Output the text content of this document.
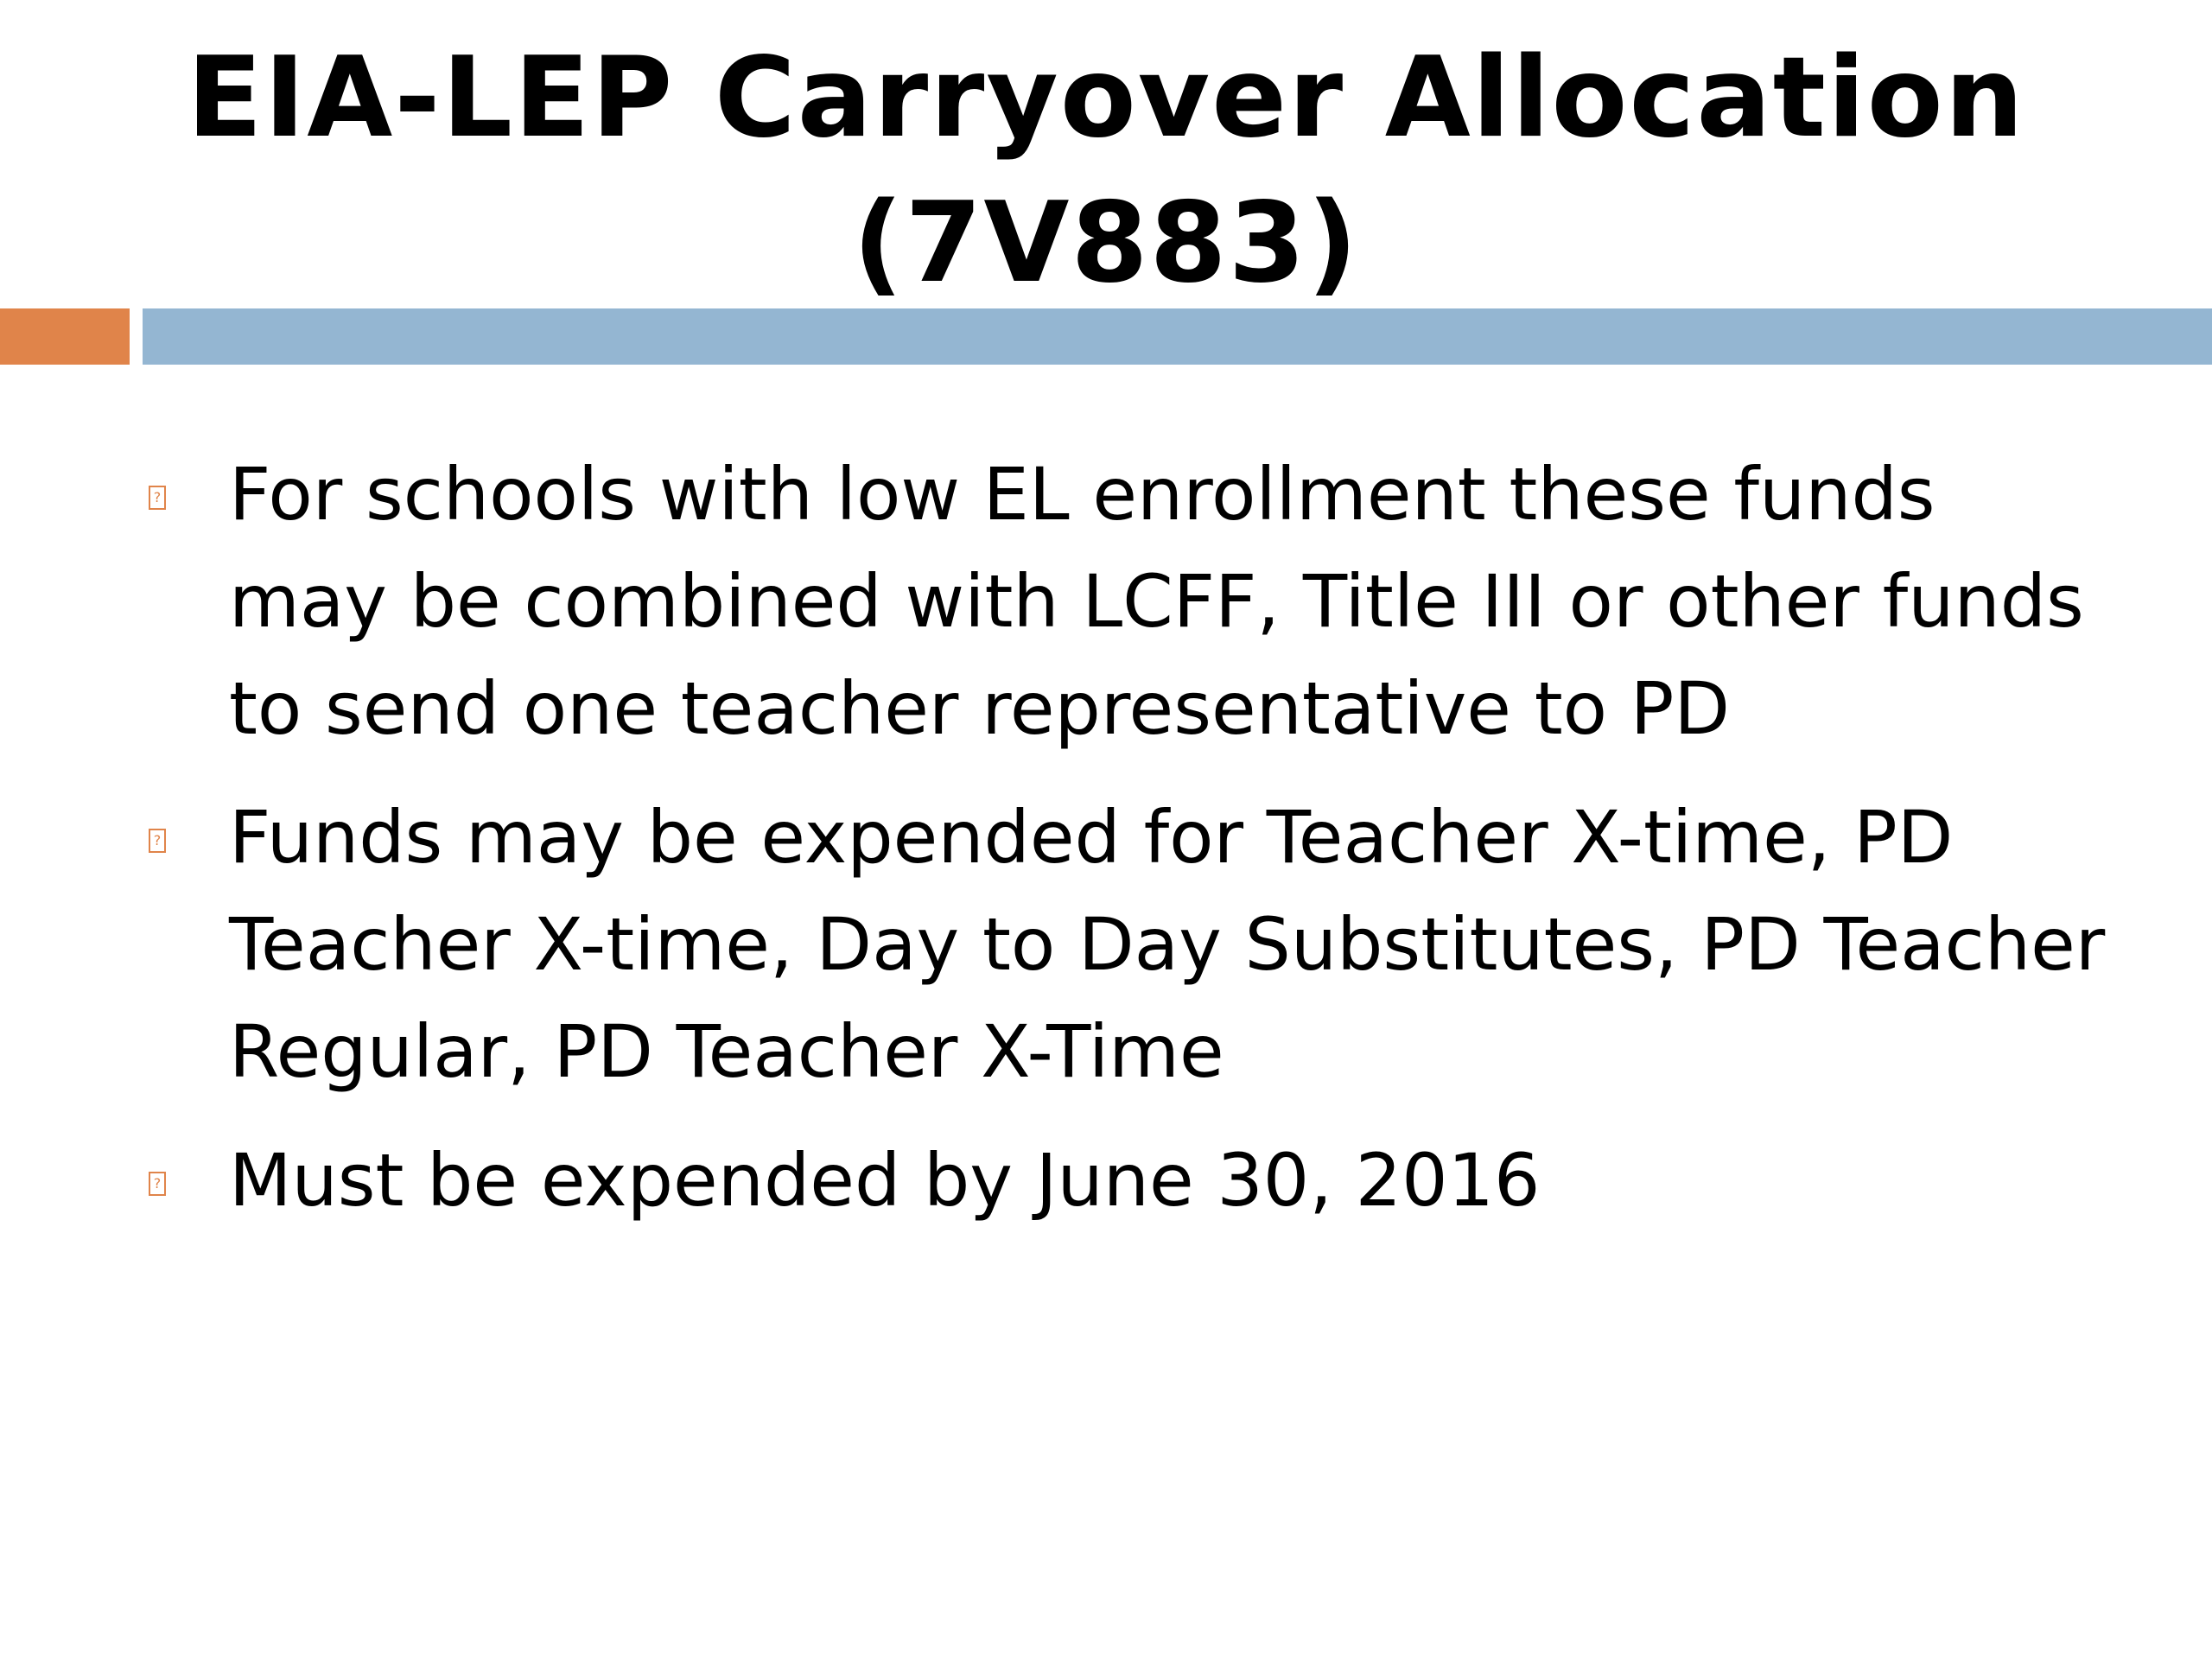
EIA-LEP Carryover Allocation
(7V883)
? For schools with low EL enrollment these funds may be combined with LCFF, Title III or other funds to send one teacher representative to PD
? Funds may be expended for Teacher X-time, PD Teacher X-time, Day to Day Substitutes, PD Teacher Regular, PD Teacher X-Time
? Must be expended by June 30, 2016
